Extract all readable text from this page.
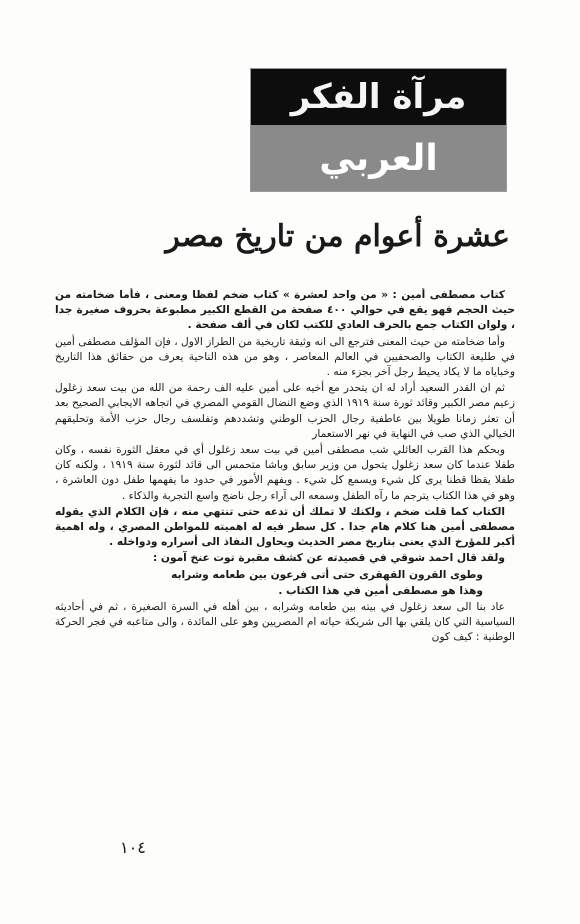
مرآة الفكر
العربي
عشرة أعوام من تاريخ مصر

كتاب مصطفى أمين : « من واحد لعشرة » كتاب ضخم لفظا ومعنى ، فأما ضخامته من حيث الحجم فهو يقع في حوالي ٤٠٠ صفحة من القطع الكبير مطبوعة بحروف صغيرة جدا ، ولوان الكتاب جمع بالحرف العادي للكتب لكان في ألف صفحة .

وأما ضخامته من حيث المعنى فترجع الى انه وثيقة تاريخية من الطراز الاول ، فإن المؤلف مصطفى أمين في طليعة الكتاب والصحفيين في العالم المعاصر ، وهو من هذه الناحية يعرف من حقائق هذا التاريخ وخباياه ما لا يكاد يحيط رجل آخر بجزء منه .

ثم ان القدر السعيد أراد له ان يتحدر مع أخيه على أمين عليه الف رحمة من الله من بيت سعد زغلول زعيم مصر الكبير وقائد ثورة سنة ١٩١٩ الذي وضع النضال القومي المصري في اتجاهه الايجابي الصحيح بعد أن تعثر زمانا طويلا بين عاطفية رجال الحزب الوطني وتشددهم وتفلسف رجال حزب الأمة وتحليقهم الخيالي الذي صب في النهاية في نهر الاستعمار

وبحكم هذا القرب العائلي شب مصطفى أمين في بيت سعد زغلول أي في معقل الثورة نفسه ، وكان طفلا عندما كان سعد زغلول يتحول من وزير سابق وباشا متحمس الى قائد لثورة سنة ١٩١٩ ، ولكنه كان طفلا يقظا قطنا يرى كل شيء ويسمع كل شيء . ويفهم الأمور في حدود ما يفهمها طفل دون العاشرة ، وهو في هذا الكتاب يترجم ما رآه الطفل وسمعه الى آراء رجل ناضج واسع التجربة والذكاء .

الكتاب كما قلت ضخم ، ولكنك لا تملك أن تدعه حتى تنتهي منه ، فإن الكلام الذي يقوله مصطفى أمين هنا كلام هام جدا . كل سطر فيه له اهميته للمواطن المصري ، وله اهمية أكبر للمؤرخ الذي يعنى بتاريخ مصر الحديث ويحاول النفاذ الى أسراره ودواخله .

ولقد قال احمد شوقي في قصيدته عن كشف مقبرة توت عنخ آمون :

وطوى القرون القهقرى حتى أتى فرعون بين طعامه وشرابه

وهذا هو مصطفى أمين في هذا الكتاب .

عاد بنا الى سعد زغلول في بيته بين طعامه وشرابه ، بين أهله في السرة الصغيرة ، ثم في أحاديثه السياسية التي كان يلقي بها الى شريكة حياته ام المصريين وهو على المائدة ، والى متاعبه في فجر الحركة الوطنية : كيف كون

١٠٤
